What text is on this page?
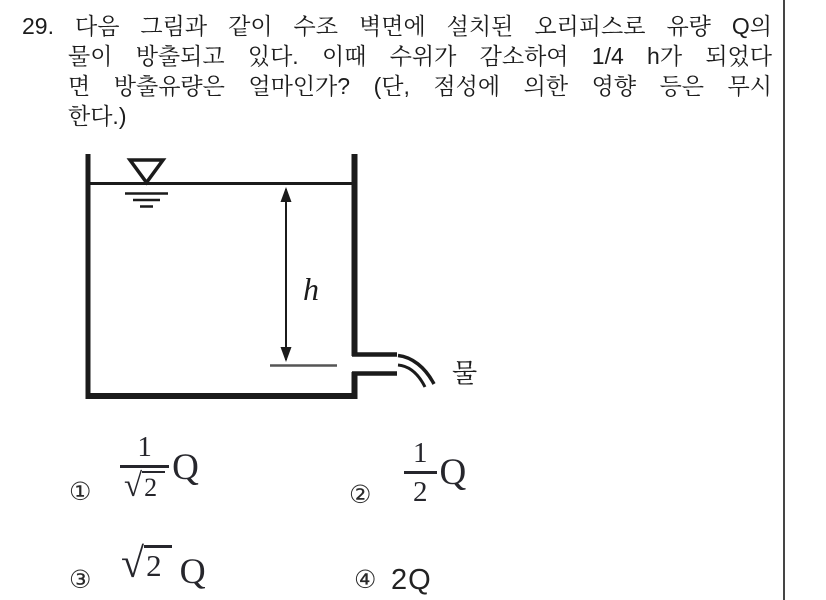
29. 다음 그림과 같이 수조 벽면에 설치된 오리피스로 유량 Q의
물이 방출되고 있다. 이때 수위가 감소하여 1/4 h가 되었다
면 방출유량은 얼마인가? (단, 점성에 의한 영향 등은 무시
한다.)
h
물
① $\frac{1}{√ 2}$ Q
② $\frac{1}{2}$ Q
③ √ 2 Q	④ 2Q
